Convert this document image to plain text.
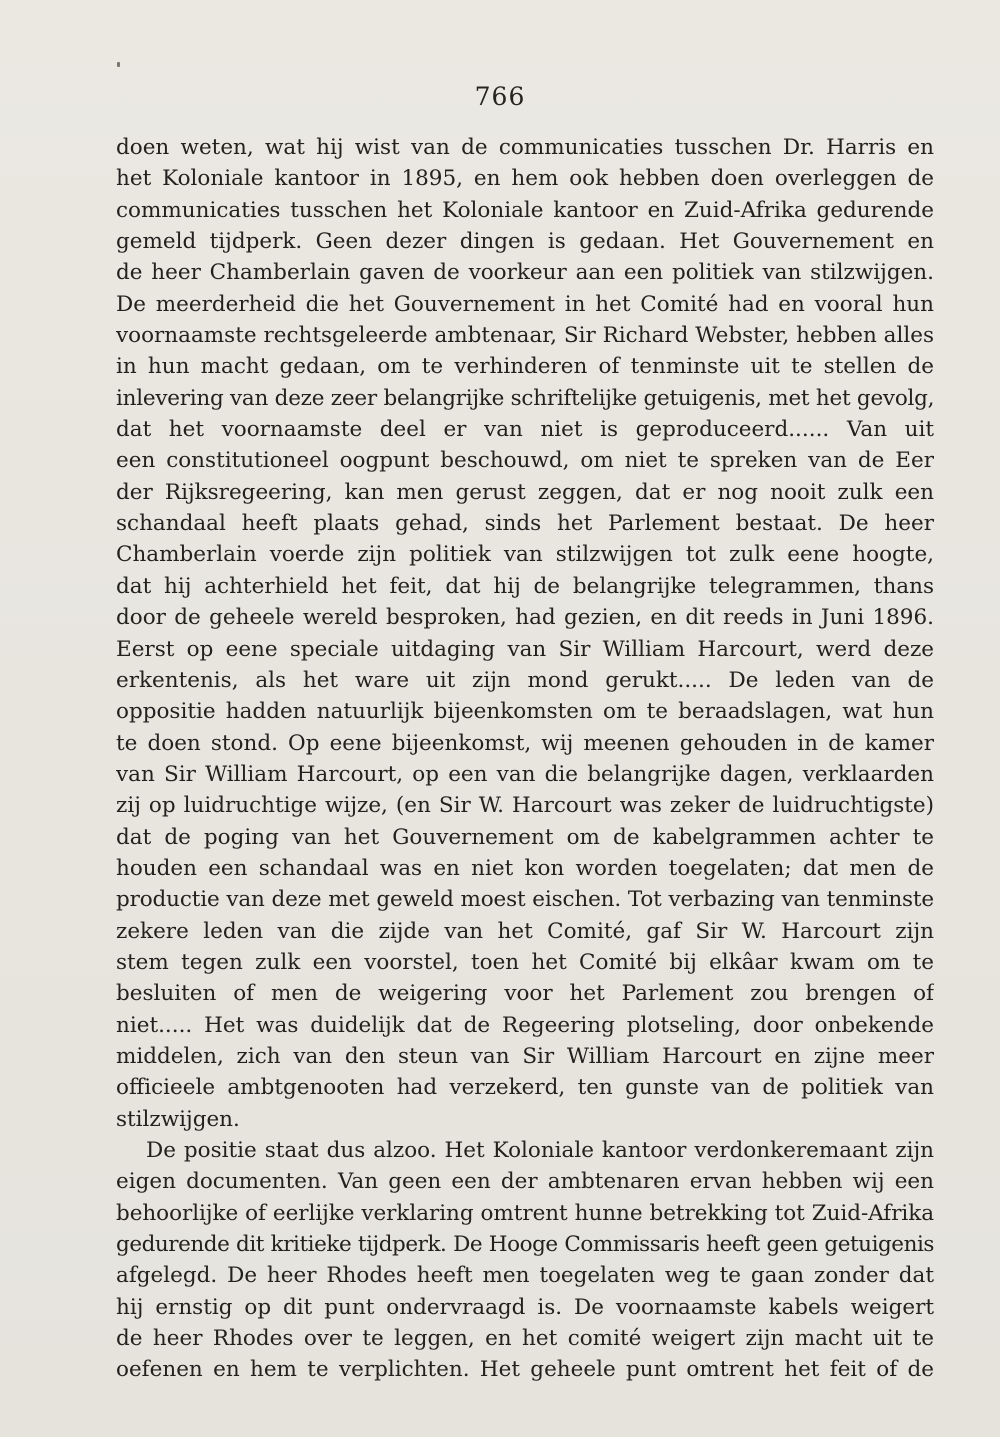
766
doen weten, wat hij wist van de communicaties tusschen Dr. Harris en
het Koloniale kantoor in 1895, en hem ook hebben doen overleggen de
communicaties tusschen het Koloniale kantoor en Zuid-Afrika gedurende
gemeld tijdperk. Geen dezer dingen is gedaan. Het Gouvernement en
de heer Chamberlain gaven de voorkeur aan een politiek van stilzwijgen.
De meerderheid die het Gouvernement in het Comité had en vooral hun
voornaamste rechtsgeleerde ambtenaar, Sir Richard Webster, hebben alles
in hun macht gedaan, om te verhinderen of tenminste uit te stellen de
inlevering van deze zeer belangrijke schriftelijke getuigenis, met het gevolg,
dat het voornaamste deel er van niet is geproduceerd...... Van uit
een constitutioneel oogpunt beschouwd, om niet te spreken van de Eer
der Rijksregeering, kan men gerust zeggen, dat er nog nooit zulk een
schandaal heeft plaats gehad, sinds het Parlement bestaat. De heer
Chamberlain voerde zijn politiek van stilzwijgen tot zulk eene hoogte,
dat hij achterhield het feit, dat hij de belangrijke telegrammen, thans
door de geheele wereld besproken, had gezien, en dit reeds in Juni 1896.
Eerst op eene speciale uitdaging van Sir William Harcourt, werd deze
erkentenis, als het ware uit zijn mond gerukt..... De leden van de
oppositie hadden natuurlijk bijeenkomsten om te beraadslagen, wat hun
te doen stond. Op eene bijeenkomst, wij meenen gehouden in de kamer
van Sir William Harcourt, op een van die belangrijke dagen, verklaarden
zij op luidruchtige wijze, (en Sir W. Harcourt was zeker de luidruchtigste)
dat de poging van het Gouvernement om de kabelgrammen achter te
houden een schandaal was en niet kon worden toegelaten; dat men de
productie van deze met geweld moest eischen. Tot verbazing van tenminste
zekere leden van die zijde van het Comité, gaf Sir W. Harcourt zijn
stem tegen zulk een voorstel, toen het Comité bij elkâar kwam om te
besluiten of men de weigering voor het Parlement zou brengen of
niet..... Het was duidelijk dat de Regeering plotseling, door onbekende
middelen, zich van den steun van Sir William Harcourt en zijne meer
officieele ambtgenooten had verzekerd, ten gunste van de politiek van
stilzwijgen.
De positie staat dus alzoo. Het Koloniale kantoor verdonkeremaant zijn
eigen documenten. Van geen een der ambtenaren ervan hebben wij een
behoorlijke of eerlijke verklaring omtrent hunne betrekking tot Zuid-Afrika
gedurende dit kritieke tijdperk. De Hooge Commissaris heeft geen getuigenis
afgelegd. De heer Rhodes heeft men toegelaten weg te gaan zonder dat
hij ernstig op dit punt ondervraagd is. De voornaamste kabels weigert
de heer Rhodes over te leggen, en het comité weigert zijn macht uit te
oefenen en hem te verplichten. Het geheele punt omtrent het feit of de
